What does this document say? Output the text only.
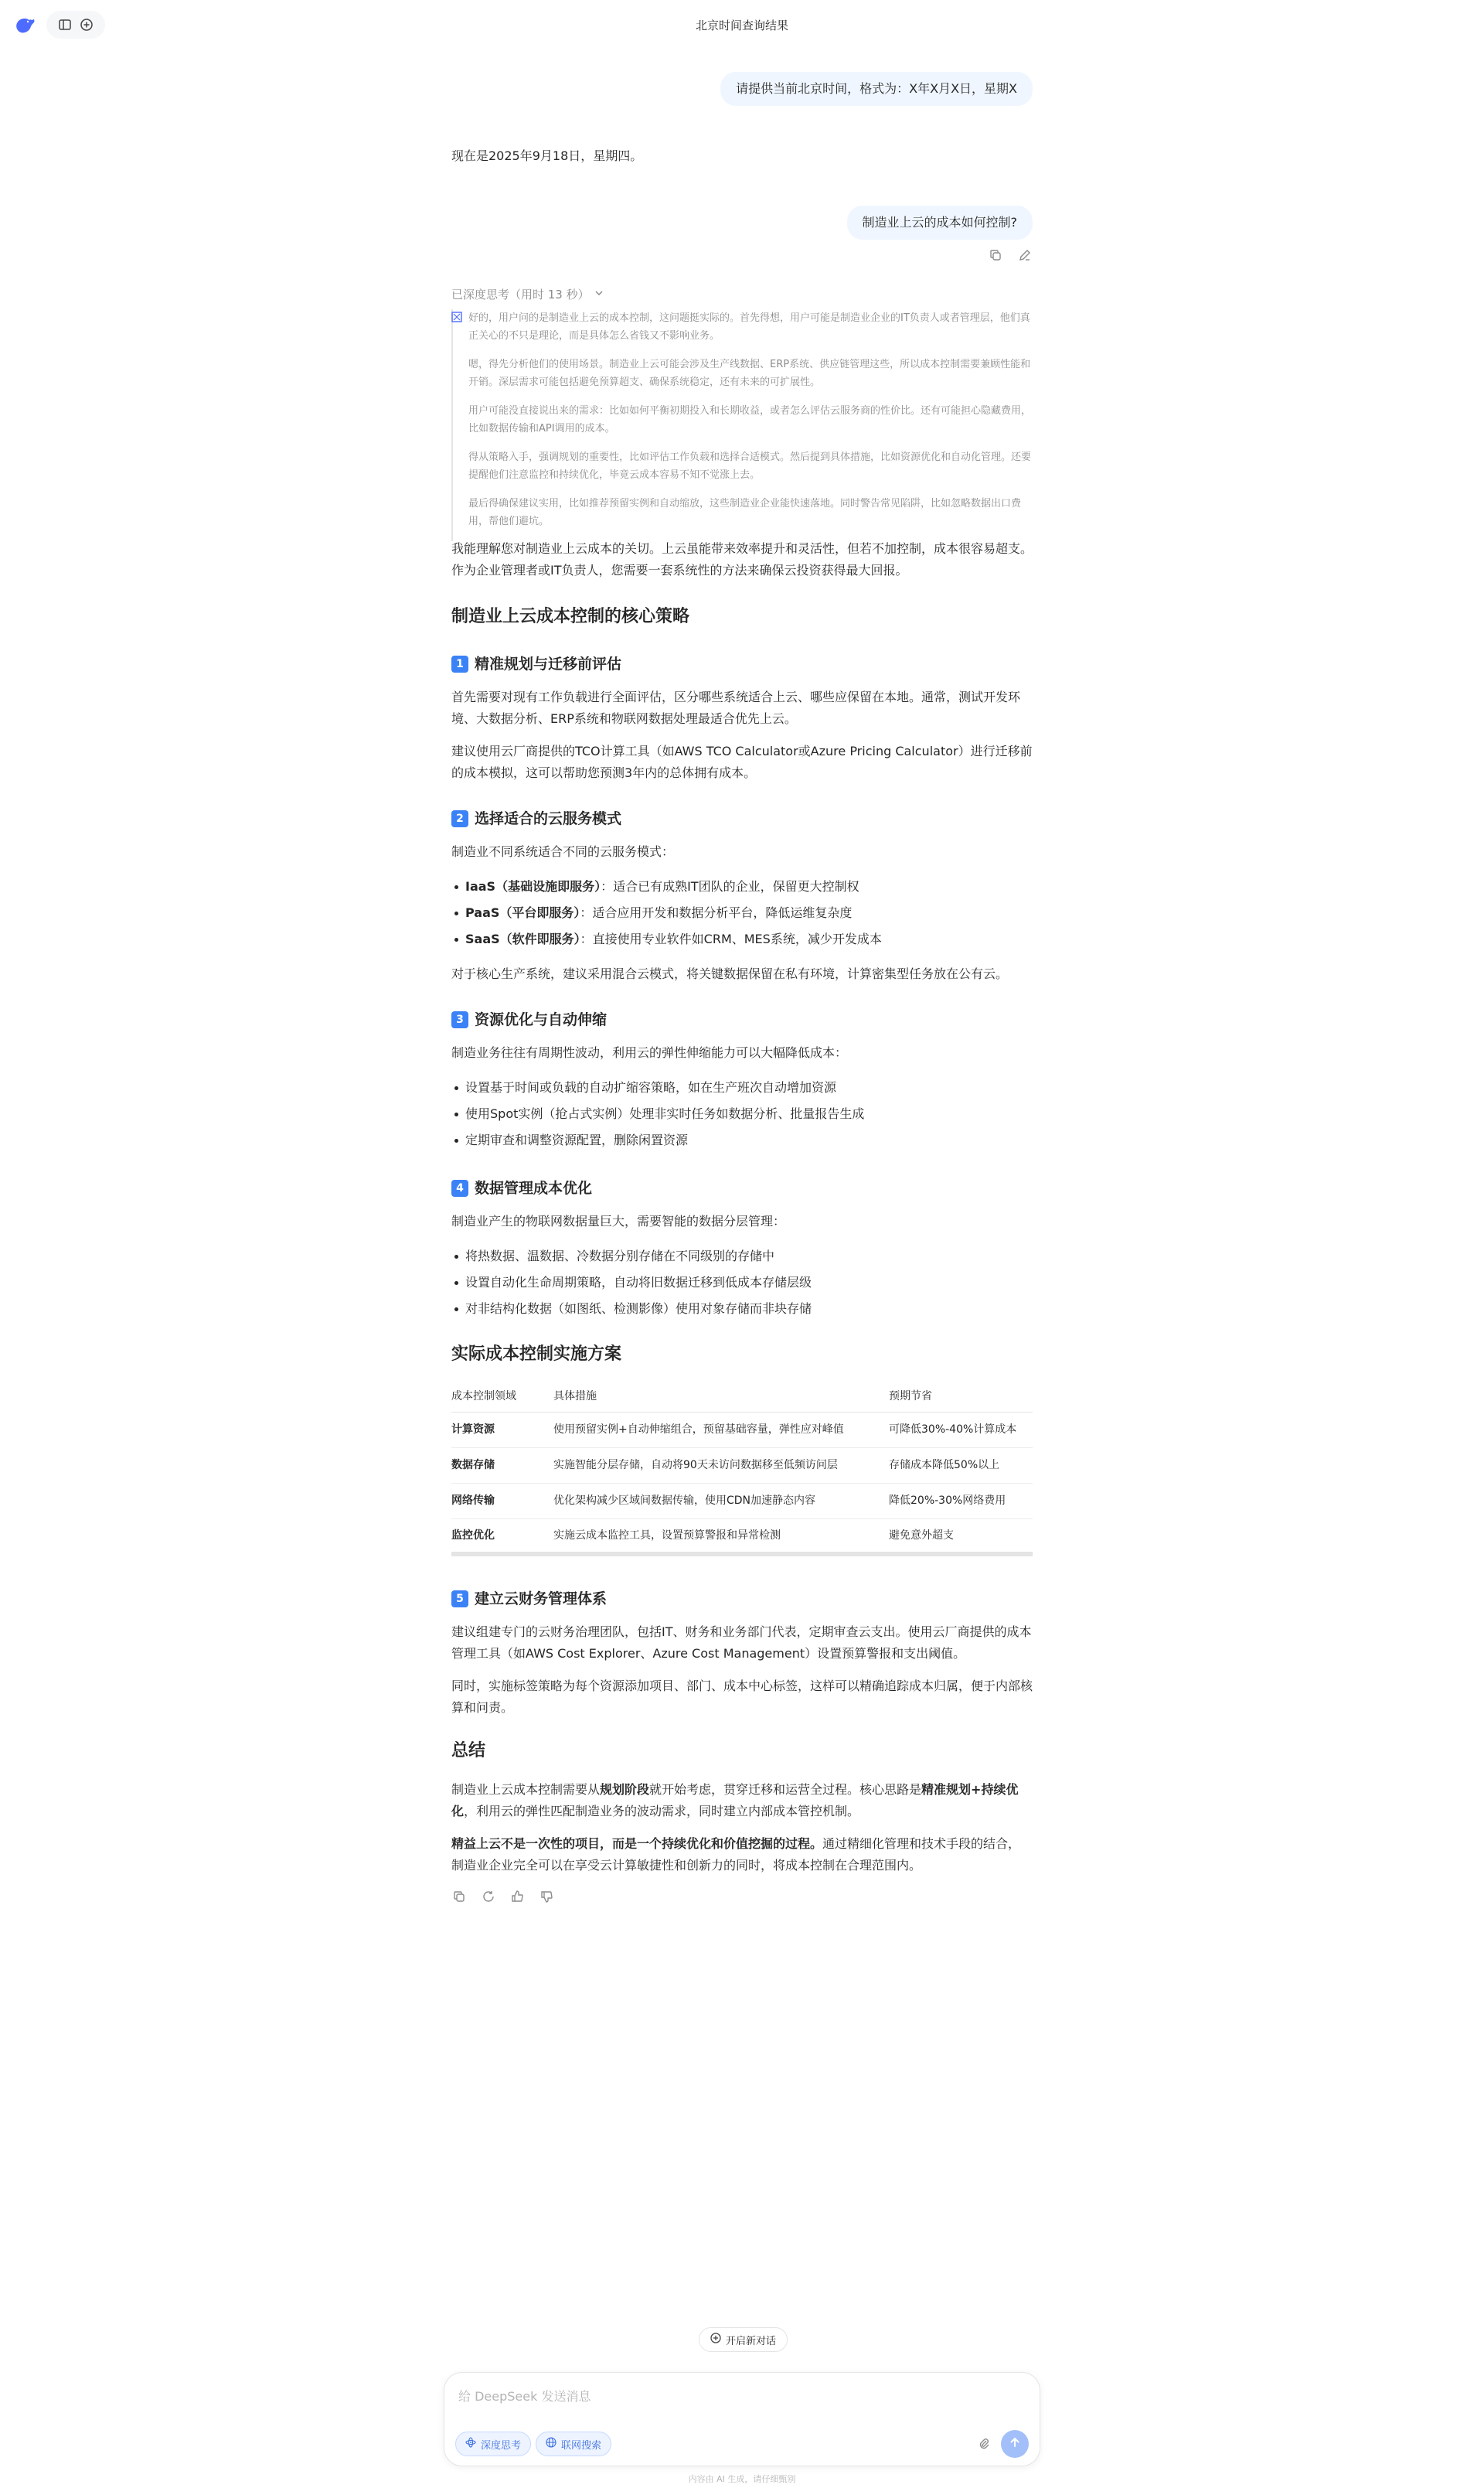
北京时间查询结果
请提供当前北京时间，格式为：X年X月X日，星期X
现在是2025年9月18日，星期四。
制造业上云的成本如何控制?
已深度思考（用时 13 秒）

好的，用户问的是制造业上云的成本控制，这问题挺实际的。首先得想，用户可能是制造业企业的IT负责人或者管理层，他们真正关心的不只是理论，而是具体怎么省钱又不影响业务。

嗯，得先分析他们的使用场景。制造业上云可能会涉及生产线数据、ERP系统、供应链管理这些，所以成本控制需要兼顾性能和开销。深层需求可能包括避免预算超支、确保系统稳定，还有未来的可扩展性。

用户可能没直接说出来的需求：比如如何平衡初期投入和长期收益，或者怎么评估云服务商的性价比。还有可能担心隐藏费用，比如数据传输和API调用的成本。

得从策略入手，强调规划的重要性，比如评估工作负载和选择合适模式。然后提到具体措施，比如资源优化和自动化管理。还要提醒他们注意监控和持续优化，毕竟云成本容易不知不觉涨上去。

最后得确保建议实用，比如推荐预留实例和自动缩放，这些制造业企业能快速落地。同时警告常见陷阱，比如忽略数据出口费用，帮他们避坑。

我能理解您对制造业上云成本的关切。上云虽能带来效率提升和灵活性，但若不加控制，成本很容易超支。作为企业管理者或IT负责人，您需要一套系统性的方法来确保云投资获得最大回报。

制造业上云成本控制的核心策略
1 精准规划与迁移前评估

首先需要对现有工作负载进行全面评估，区分哪些系统适合上云、哪些应保留在本地。通常，测试开发环境、大数据分析、ERP系统和物联网数据处理最适合优先上云。

建议使用云厂商提供的TCO计算工具（如AWS TCO Calculator或Azure Pricing Calculator）进行迁移前的成本模拟，这可以帮助您预测3年内的总体拥有成本。

2 选择适合的云服务模式

制造业不同系统适合不同的云服务模式：

IaaS（基础设施即服务）：适合已有成熟IT团队的企业，保留更大控制权
PaaS（平台即服务）：适合应用开发和数据分析平台，降低运维复杂度
SaaS（软件即服务）：直接使用专业软件如CRM、MES系统，减少开发成本

对于核心生产系统，建议采用混合云模式，将关键数据保留在私有环境，计算密集型任务放在公有云。

3 资源优化与自动伸缩

制造业务往往有周期性波动，利用云的弹性伸缩能力可以大幅降低成本：

设置基于时间或负载的自动扩缩容策略，如在生产班次自动增加资源
使用Spot实例（抢占式实例）处理非实时任务如数据分析、批量报告生成
定期审查和调整资源配置，删除闲置资源
4 数据管理成本优化

制造业产生的物联网数据量巨大，需要智能的数据分层管理：

将热数据、温数据、冷数据分别存储在不同级别的存储中
设置自动化生命周期策略，自动将旧数据迁移到低成本存储层级
对非结构化数据（如图纸、检测影像）使用对象存储而非块存储
实际成本控制实施方案
成本控制领域	具体措施	预期节省
计算资源	使用预留实例+自动伸缩组合，预留基础容量，弹性应对峰值	可降低30%-40%计算成本
数据存储	实施智能分层存储，自动将90天未访问数据移至低频访问层	存储成本降低50%以上
网络传输	优化架构减少区域间数据传输，使用CDN加速静态内容	降低20%-30%网络费用
监控优化	实施云成本监控工具，设置预算警报和异常检测	避免意外超支
5 建立云财务管理体系

建议组建专门的云财务治理团队，包括IT、财务和业务部门代表，定期审查云支出。使用云厂商提供的成本管理工具（如AWS Cost Explorer、Azure Cost Management）设置预算警报和支出阈值。

同时，实施标签策略为每个资源添加项目、部门、成本中心标签，这样可以精确追踪成本归属，便于内部核算和问责。

总结

制造业上云成本控制需要从规划阶段就开始考虑，贯穿迁移和运营全过程。核心思路是精准规划+持续优化，利用云的弹性匹配制造业务的波动需求，同时建立内部成本管控机制。

精益上云不是一次性的项目，而是一个持续优化和价值挖掘的过程。通过精细化管理和技术手段的结合，制造业企业完全可以在享受云计算敏捷性和创新力的同时，将成本控制在合理范围内。

开启新对话
给 DeepSeek 发送消息
深度思考	联网搜索
内容由 AI 生成，请仔细甄别
